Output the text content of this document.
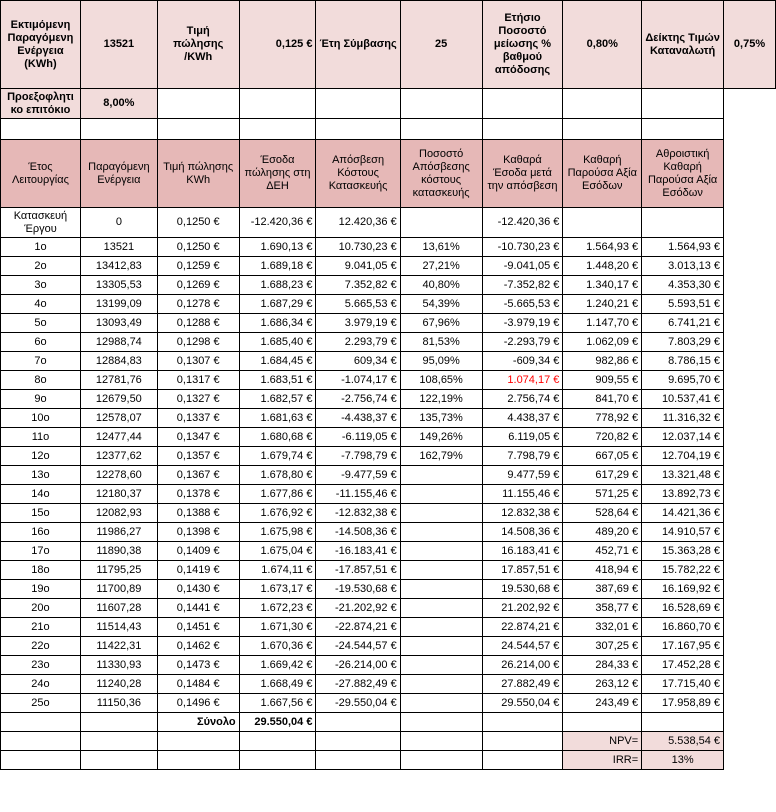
Εκτιμόμενη Παραγόμενη Ενέργεια (KWh)	13521	Τιμή πώλησης /KWh	0,125 €	Έτη Σύμβασης	25	Ετήσιο Ποσοστό μείωσης % βαθμού απόδοσης	0,80%	Δείκτης Τιμών Καταναλωτή	0,75%
Προεξοφλητι κο επιτόκιο	8,00%								

Έτος Λειτουργίας	Παραγόμενη Ενέργεια	Τιμή πώλησης KWh	Έσοδα πώλησης στη ΔΕΗ	Απόσβεση Κόστους Κατασκευής	Ποσοστό Απόσβεσης κόστους κατασκευής	Καθαρά Έσοδα μετά την απόσβεση	Καθαρή Παρούσα Αξία Εσόδων	Αθροιστική Καθαρή Παρούσα Αξία Εσόδων	
Κατασκευή Έργου	0	0,1250 €	-12.420,36 €	12.420,36 €		-12.420,36 €			
1ο	13521	0,1250 €	1.690,13 €	10.730,23 €	13,61%	-10.730,23 €	1.564,93 €	1.564,93 €	
2ο	13412,83	0,1259 €	1.689,18 €	9.041,05 €	27,21%	-9.041,05 €	1.448,20 €	3.013,13 €	
3ο	13305,53	0,1269 €	1.688,23 €	7.352,82 €	40,80%	-7.352,82 €	1.340,17 €	4.353,30 €	
4ο	13199,09	0,1278 €	1.687,29 €	5.665,53 €	54,39%	-5.665,53 €	1.240,21 €	5.593,51 €	
5ο	13093,49	0,1288 €	1.686,34 €	3.979,19 €	67,96%	-3.979,19 €	1.147,70 €	6.741,21 €	
6ο	12988,74	0,1298 €	1.685,40 €	2.293,79 €	81,53%	-2.293,79 €	1.062,09 €	7.803,29 €	
7ο	12884,83	0,1307 €	1.684,45 €	609,34 €	95,09%	-609,34 €	982,86 €	8.786,15 €	
8ο	12781,76	0,1317 €	1.683,51 €	-1.074,17 €	108,65%	1.074,17 €	909,55 €	9.695,70 €	
9ο	12679,50	0,1327 €	1.682,57 €	-2.756,74 €	122,19%	2.756,74 €	841,70 €	10.537,41 €	
10ο	12578,07	0,1337 €	1.681,63 €	-4.438,37 €	135,73%	4.438,37 €	778,92 €	11.316,32 €	
11ο	12477,44	0,1347 €	1.680,68 €	-6.119,05 €	149,26%	6.119,05 €	720,82 €	12.037,14 €	
12ο	12377,62	0,1357 €	1.679,74 €	-7.798,79 €	162,79%	7.798,79 €	667,05 €	12.704,19 €	
13ο	12278,60	0,1367 €	1.678,80 €	-9.477,59 €		9.477,59 €	617,29 €	13.321,48 €	
14ο	12180,37	0,1378 €	1.677,86 €	-11.155,46 €		11.155,46 €	571,25 €	13.892,73 €	
15ο	12082,93	0,1388 €	1.676,92 €	-12.832,38 €		12.832,38 €	528,64 €	14.421,36 €	
16ο	11986,27	0,1398 €	1.675,98 €	-14.508,36 €		14.508,36 €	489,20 €	14.910,57 €	
17ο	11890,38	0,1409 €	1.675,04 €	-16.183,41 €		16.183,41 €	452,71 €	15.363,28 €	
18ο	11795,25	0,1419 €	1.674,11 €	-17.857,51 €		17.857,51 €	418,94 €	15.782,22 €	
19ο	11700,89	0,1430 €	1.673,17 €	-19.530,68 €		19.530,68 €	387,69 €	16.169,92 €	
20ο	11607,28	0,1441 €	1.672,23 €	-21.202,92 €		21.202,92 €	358,77 €	16.528,69 €	
21ο	11514,43	0,1451 €	1.671,30 €	-22.874,21 €		22.874,21 €	332,01 €	16.860,70 €	
22ο	11422,31	0,1462 €	1.670,36 €	-24.544,57 €		24.544,57 €	307,25 €	17.167,95 €	
23ο	11330,93	0,1473 €	1.669,42 €	-26.214,00 €		26.214,00 €	284,33 €	17.452,28 €	
24ο	11240,28	0,1484 €	1.668,49 €	-27.882,49 €		27.882,49 €	263,12 €	17.715,40 €	
25ο	11150,36	0,1496 €	1.667,56 €	-29.550,04 €		29.550,04 €	243,49 €	17.958,89 €	
		Σύνολο	29.550,04 €						
							NPV=	5.538,54 €	
							IRR=	13%	
